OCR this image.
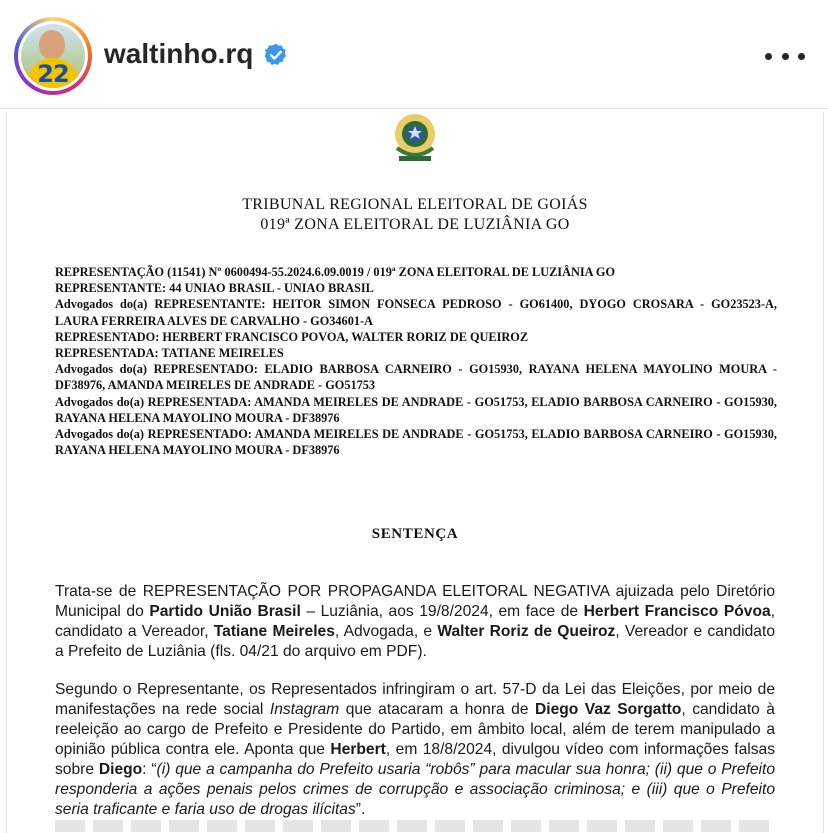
22
waltinho.rq
TRIBUNAL REGIONAL ELEITORAL DE GOIÁS
019ª ZONA ELEITORAL DE LUZIÂNIA GO
REPRESENTAÇÃO (11541) Nº 0600494-55.2024.6.09.0019 / 019ª ZONA ELEITORAL DE LUZIÂNIA GO
REPRESENTANTE: 44 UNIAO BRASIL - UNIAO BRASIL
Advogados do(a) REPRESENTANTE: HEITOR SIMON FONSECA PEDROSO - GO61400, DYOGO CROSARA - GO23523-A, LAURA FERREIRA ALVES DE CARVALHO - GO34601-A
REPRESENTADO: HERBERT FRANCISCO POVOA, WALTER RORIZ DE QUEIROZ
REPRESENTADA: TATIANE MEIRELES
Advogados do(a) REPRESENTADO: ELADIO BARBOSA CARNEIRO - GO15930, RAYANA HELENA MAYOLINO MOURA - DF38976, AMANDA MEIRELES DE ANDRADE - GO51753
Advogados do(a) REPRESENTADA: AMANDA MEIRELES DE ANDRADE - GO51753, ELADIO BARBOSA CARNEIRO - GO15930, RAYANA HELENA MAYOLINO MOURA - DF38976
Advogados do(a) REPRESENTADO: AMANDA MEIRELES DE ANDRADE - GO51753, ELADIO BARBOSA CARNEIRO - GO15930, RAYANA HELENA MAYOLINO MOURA - DF38976
SENTENÇA
Trata-se de REPRESENTAÇÃO POR PROPAGANDA ELEITORAL NEGATIVA ajuizada pelo Diretório Municipal do Partido União Brasil – Luziânia, aos 19/8/2024, em face de Herbert Francisco Póvoa, candidato a Vereador, Tatiane Meireles, Advogada, e Walter Roriz de Queiroz, Vereador e candidato a Prefeito de Luziânia (fls. 04/21 do arquivo em PDF).
Segundo o Representante, os Representados infringiram o art. 57-D da Lei das Eleições, por meio de manifestações na rede social Instagram que atacaram a honra de Diego Vaz Sorgatto, candidato à reeleição ao cargo de Prefeito e Presidente do Partido, em âmbito local, além de terem manipulado a opinião pública contra ele. Aponta que Herbert, em 18/8/2024, divulgou vídeo com informações falsas sobre Diego: “(i) que a campanha do Prefeito usaria “robôs” para macular sua honra; (ii) que o Prefeito responderia a ações penais pelos crimes de corrupção e associação criminosa; e (iii) que o Prefeito seria traficante e faria uso de drogas ilícitas”.
